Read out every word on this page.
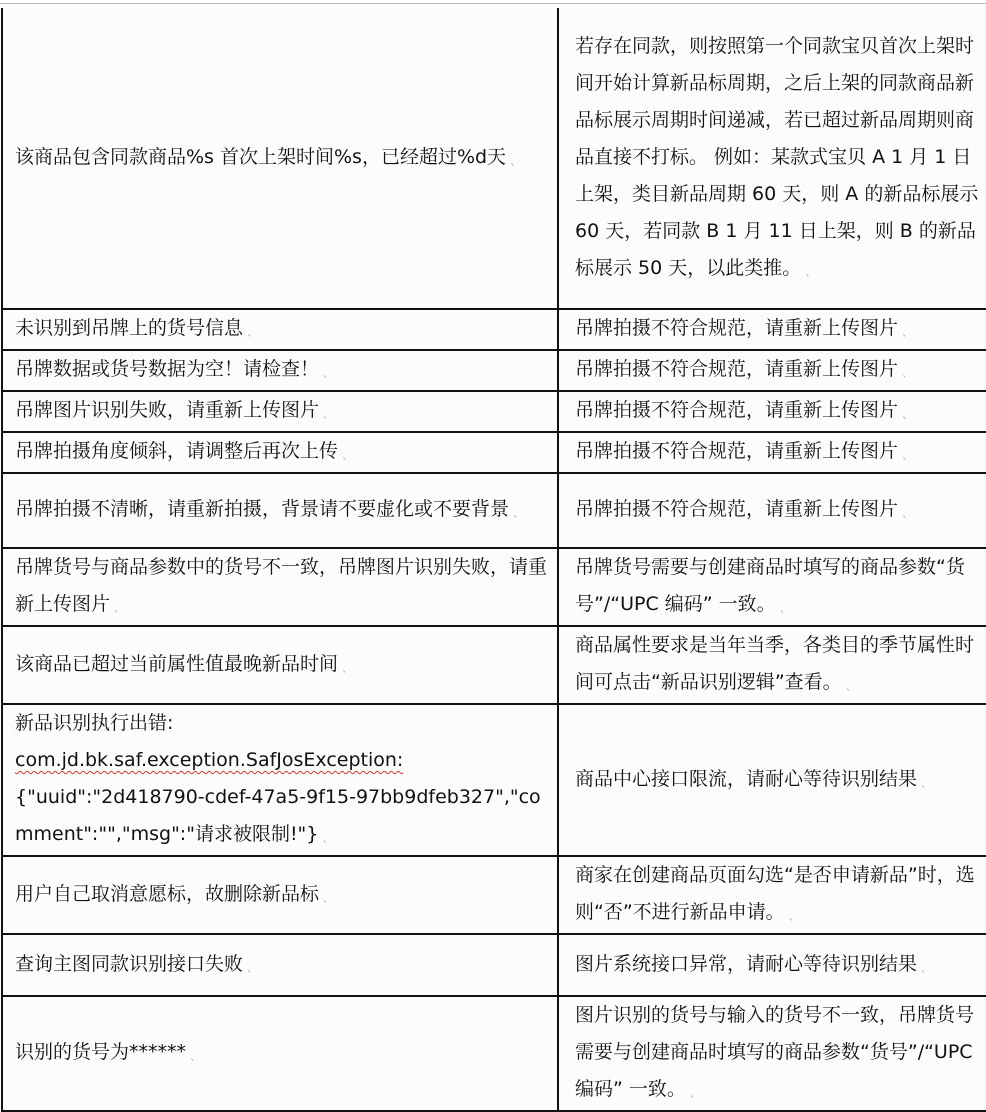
该商品包含同款商品%s 首次上架时间%s，已经超过%d天 ˎ	若存在同款，则按照第一个同款宝贝首次上架时间开始计算新品标周期，之后上架的同款商品新品标展示周期时间递减，若已超过新品周期则商品直接不打标。 例如：某款式宝贝 A 1 月 1 日上架，类目新品周期 60 天，则 A 的新品标展示 60 天，若同款 B 1 月 11 日上架，则 B 的新品标展示 50 天，以此类推。 ˎ
未识别到吊牌上的货号信息 ˎ	吊牌拍摄不符合规范，请重新上传图片 ˎ
吊牌数据或货号数据为空！请检查！ ˎ	吊牌拍摄不符合规范，请重新上传图片 ˎ
吊牌图片识别失败，请重新上传图片 ˎ	吊牌拍摄不符合规范，请重新上传图片 ˎ
吊牌拍摄角度倾斜，请调整后再次上传 ˎ	吊牌拍摄不符合规范，请重新上传图片 ˎ
吊牌拍摄不清晰，请重新拍摄，背景请不要虚化或不要背景 ˎ	吊牌拍摄不符合规范，请重新上传图片 ˎ
吊牌货号与商品参数中的货号不一致，吊牌图片识别失败，请重新上传图片 ˎ	吊牌货号需要与创建商品时填写的商品参数“货号”/“UPC 编码” 一致。 ˎ
该商品已超过当前属性值最晚新品时间 ˎ	商品属性要求是当年当季，各类目的季节属性时间可点击“新品识别逻辑”查看。 ˎ

新品识别执行出错:
com.jd.bk.saf.exception.SafJosException:
{"uuid":"2d418790-cdef-47a5-9f15-97bb9dfeb327","comment":"","msg":"请求被限制!"} ˎ	商品中心接口限流，请耐心等待识别结果 ˎ
用户自己取消意愿标，故删除新品标 ˎ	商家在创建商品页面勾选“是否申请新品”时，选则“否”不进行新品申请。 ˎ
查询主图同款识别接口失败 ˎ	图片系统接口异常，请耐心等待识别结果 ˎ
识别的货号为****** ˎ	图片识别的货号与输入的货号不一致，吊牌货号需要与创建商品时填写的商品参数“货号”/“UPC 编码” 一致。 ˎ
